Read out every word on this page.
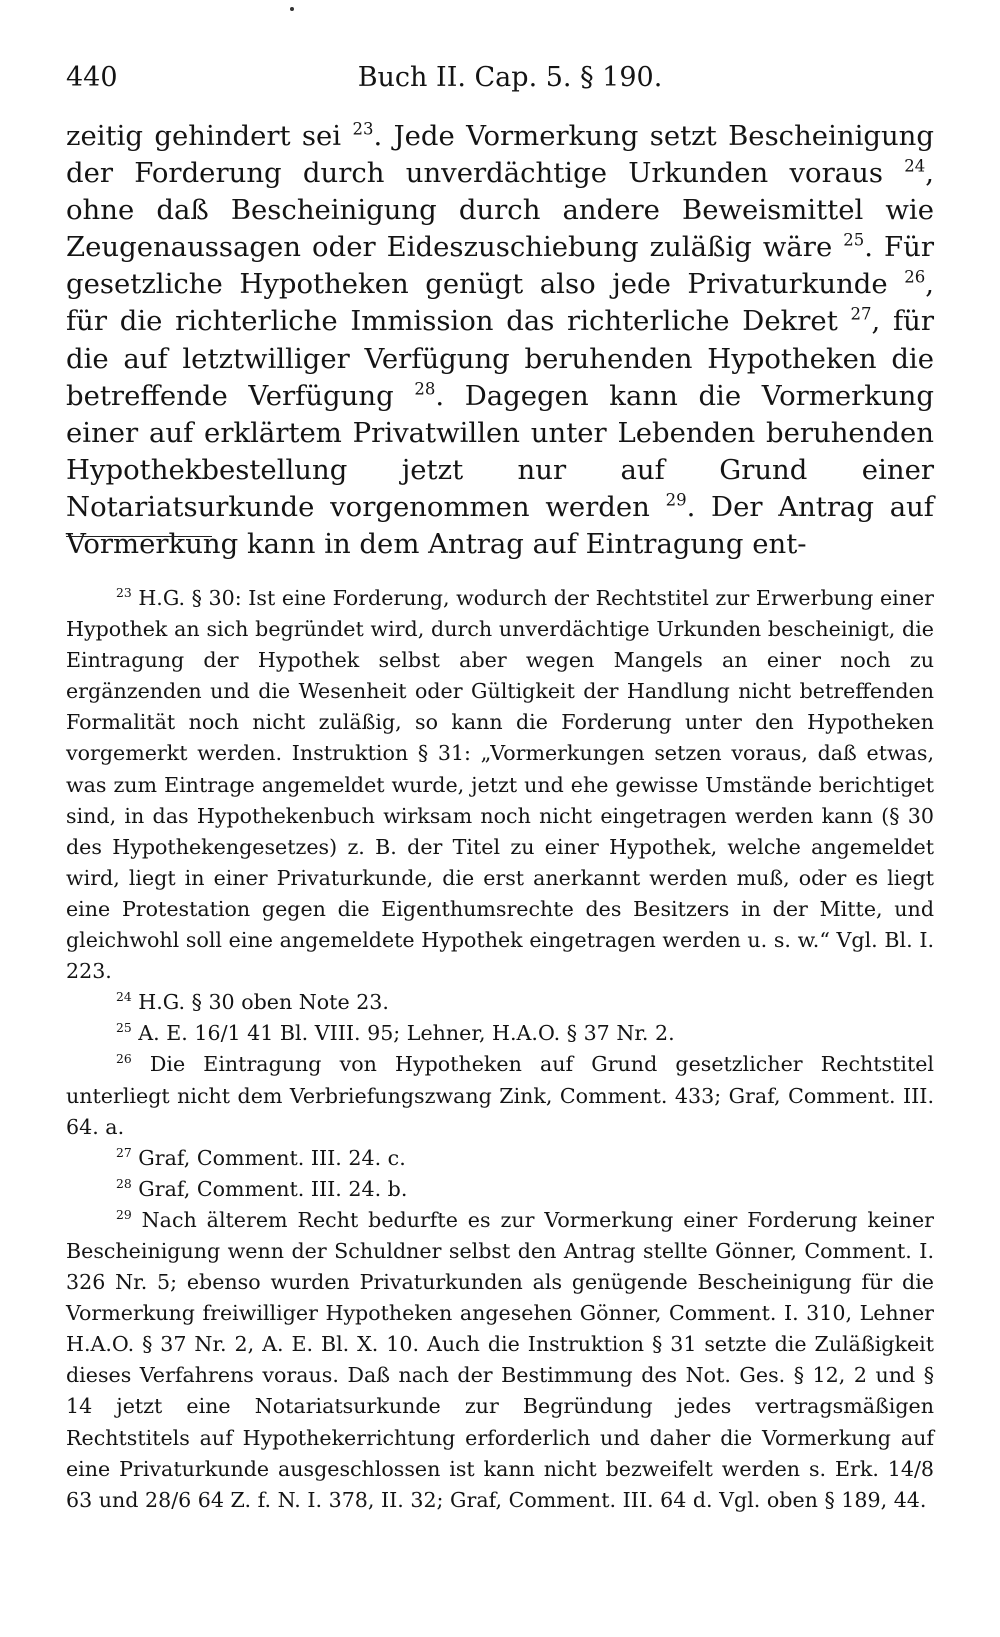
440	Buch II. Cap. 5. § 190.

zeitig gehindert sei $^{23}$. Jede Vormerkung setzt Bescheinigung der Forderung durch unverdächtige Urkunden voraus $^{24}$, ohne daß Bescheinigung durch andere Beweismittel wie Zeugenaussagen oder Eideszuschiebung zuläßig wäre $^{25}$. Für gesetzliche Hypotheken genügt also jede Privaturkunde $^{26}$, für die richterliche Immission das richterliche Dekret $^{27}$, für die auf letztwilliger Verfügung beruhenden Hypotheken die betreffende Verfügung $^{28}$. Dagegen kann die Vormerkung einer auf erklärtem Privatwillen unter Lebenden beruhenden Hypothekbestellung jetzt nur auf Grund einer Notariatsurkunde vorgenommen werden $^{29}$. Der Antrag auf Vormerkung kann in dem Antrag auf Eintragung ent-

$^{23}$ H.G. § 30: Ist eine Forderung, wodurch der Rechtstitel zur Erwerbung einer Hypothek an sich begründet wird, durch unverdächtige Urkunden bescheinigt, die Eintragung der Hypothek selbst aber wegen Mangels an einer noch zu ergänzenden und die Wesenheit oder Gültigkeit der Handlung nicht betreffenden Formalität noch nicht zuläßig, so kann die Forderung unter den Hypotheken vorgemerkt werden. Instruktion § 31: „Vormerkungen setzen voraus, daß etwas, was zum Eintrage angemeldet wurde, jetzt und ehe gewisse Umstände berichtiget sind, in das Hypothekenbuch wirksam noch nicht eingetragen werden kann (§ 30 des Hypothekengesetzes) z. B. der Titel zu einer Hypothek, welche angemeldet wird, liegt in einer Privaturkunde, die erst anerkannt werden muß, oder es liegt eine Protestation gegen die Eigenthumsrechte des Besitzers in der Mitte, und gleichwohl soll eine angemeldete Hypothek eingetragen werden u. s. w.“ Vgl. Bl. I. 223.

$^{24}$ H.G. § 30 oben Note 23.

$^{25}$ A. E. 16/1 41 Bl. VIII. 95; Lehner, H.A.O. § 37 Nr. 2.

$^{26}$ Die Eintragung von Hypotheken auf Grund gesetzlicher Rechtstitel unterliegt nicht dem Verbriefungszwang Zink, Comment. 433; Graf, Comment. III. 64. a.

$^{27}$ Graf, Comment. III. 24. c.

$^{28}$ Graf, Comment. III. 24. b.

$^{29}$ Nach älterem Recht bedurfte es zur Vormerkung einer Forderung keiner Bescheinigung wenn der Schuldner selbst den Antrag stellte Gönner, Comment. I. 326 Nr. 5; ebenso wurden Privaturkunden als genügende Bescheinigung für die Vormerkung freiwilliger Hypotheken angesehen Gönner, Comment. I. 310, Lehner H.A.O. § 37 Nr. 2, A. E. Bl. X. 10. Auch die Instruktion § 31 setzte die Zuläßigkeit dieses Verfahrens voraus. Daß nach der Bestimmung des Not. Ges. § 12, 2 und § 14 jetzt eine Notariatsurkunde zur Begründung jedes vertragsmäßigen Rechtstitels auf Hypothekerrichtung erforderlich und daher die Vormerkung auf eine Privaturkunde ausgeschlossen ist kann nicht bezweifelt werden s. Erk. 14/8 63 und 28/6 64 Z. f. N. I. 378, II. 32; Graf, Comment. III. 64 d. Vgl. oben § 189, 44.
